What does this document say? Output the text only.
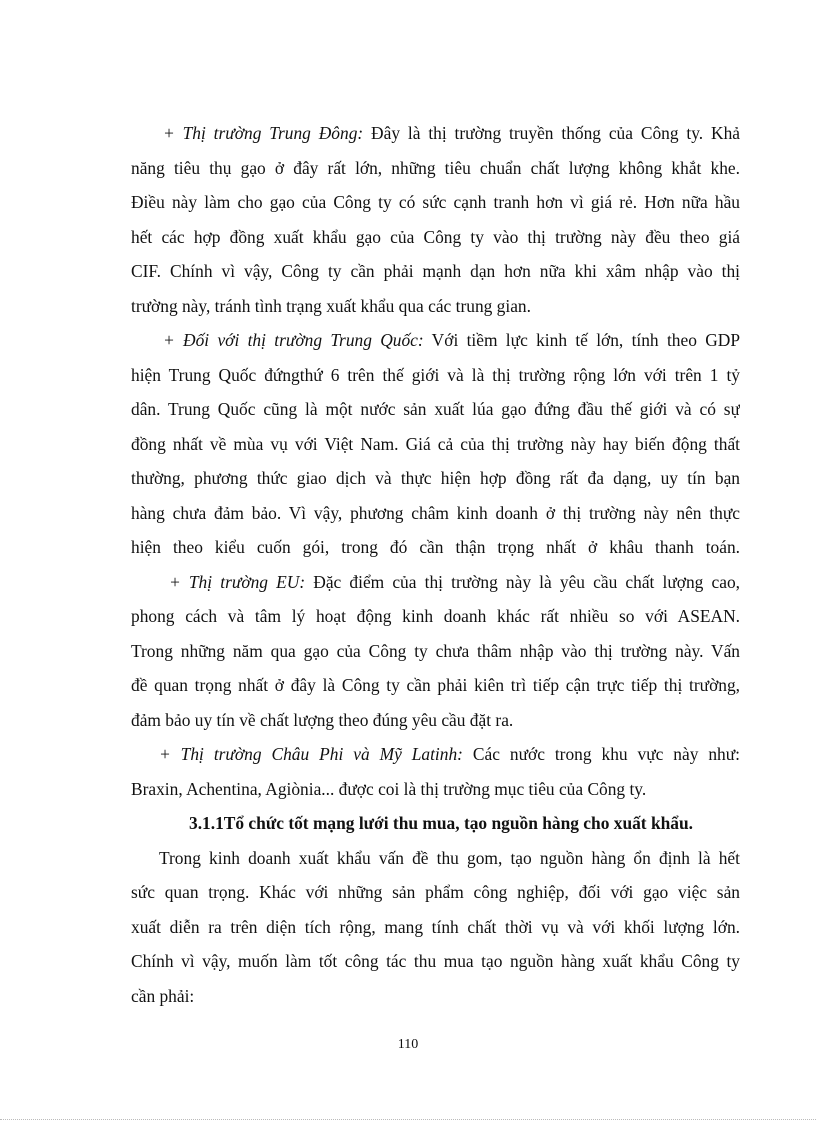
+ Thị trường Trung Đông: Đây là thị trường truyền thống của Công ty. Khả
năng tiêu thụ gạo ở đây rất lớn, những tiêu chuẩn chất lượng không khắt khe.
Điều này làm cho gạo của Công ty có sức cạnh tranh hơn vì giá rẻ. Hơn nữa hầu
hết các hợp đồng xuất khẩu gạo của Công ty vào thị trường này đều theo giá
CIF. Chính vì vậy, Công ty cần phải mạnh dạn hơn nữa khi xâm nhập vào thị
trường này, tránh tình trạng xuất khẩu qua các trung gian.
+ Đối với thị trường Trung Quốc: Với tiềm lực kinh tế lớn, tính theo GDP
hiện Trung Quốc đứngthứ 6 trên thế giới và là thị trường rộng lớn với trên 1 tỷ
dân. Trung Quốc cũng là một nước sản xuất lúa gạo đứng đầu thế giới và có sự
đồng nhất về mùa vụ với Việt Nam. Giá cả của thị trường này hay biến động thất
thường, phương thức giao dịch và thực hiện hợp đồng rất đa dạng, uy tín bạn
hàng chưa đảm bảo. Vì vậy, phương châm kinh doanh ở thị trường này nên thực
hiện theo kiểu cuốn gói, trong đó cần thận trọng nhất ở khâu thanh toán.
+ Thị trường EU: Đặc điểm của thị trường này là yêu cầu chất lượng cao,
phong cách và tâm lý hoạt động kinh doanh khác rất nhiều so với ASEAN.
Trong những năm qua gạo của Công ty chưa thâm nhập vào thị trường này. Vấn
đề quan trọng nhất ở đây là Công ty cần phải kiên trì tiếp cận trực tiếp thị trường,
đảm bảo uy tín về chất lượng theo đúng yêu cầu đặt ra.
+ Thị trường Châu Phi và Mỹ Latinh: Các nước trong khu vực này như:
Braxin, Achentina, Agiònia... được coi là thị trường mục tiêu của Công ty.
3.1.1Tổ chức tốt mạng lưới thu mua, tạo nguồn hàng cho xuất khẩu.
Trong kinh doanh xuất khẩu vấn đề thu gom, tạo nguồn hàng ổn định là hết
sức quan trọng. Khác với những sản phẩm công nghiệp, đối với gạo việc sản
xuất diễn ra trên diện tích rộng, mang tính chất thời vụ và với khối lượng lớn.
Chính vì vậy, muốn làm tốt công tác thu mua tạo nguồn hàng xuất khẩu Công ty
cần phải:
110
